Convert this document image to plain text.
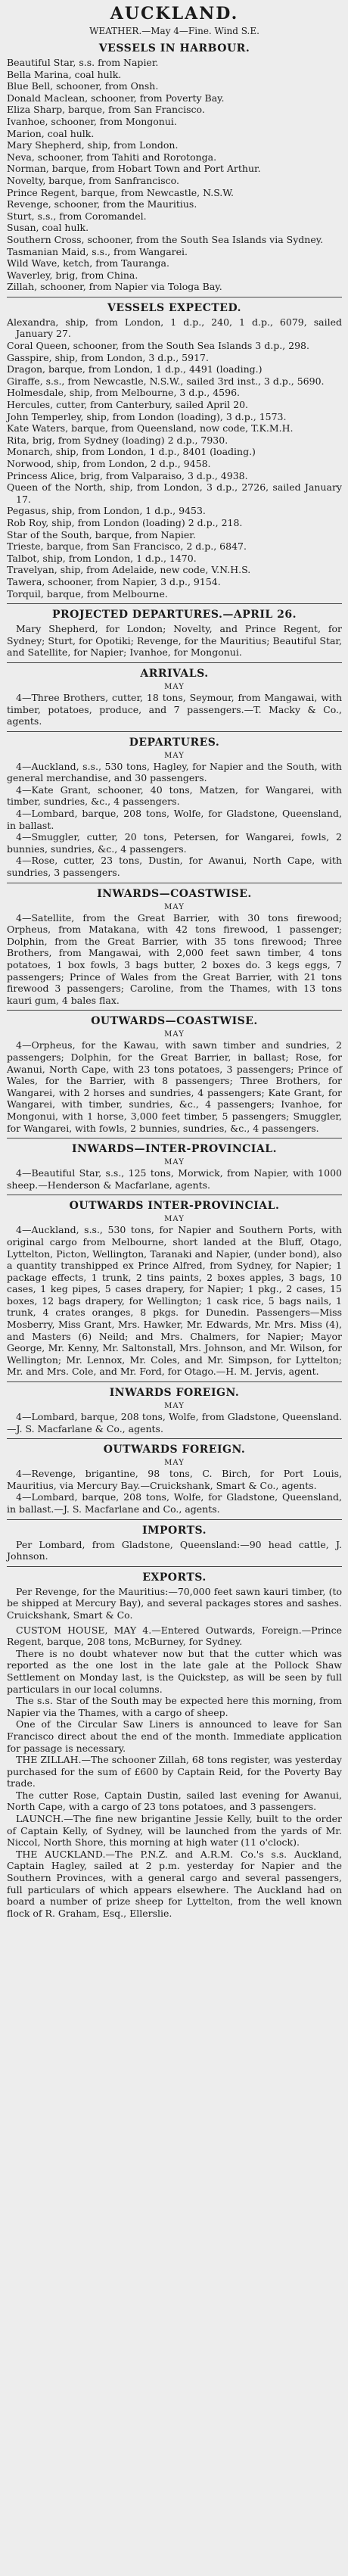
AUCKLAND.
WEATHER.—May 4—Fine. Wind S.E.
VESSELS IN HARBOUR.

Beautiful Star, s.s. from Napier.

Bella Marina, coal hulk.

Blue Bell, schooner, from Onsh.

Donald Maclean, schooner, from Poverty Bay.

Eliza Sharp, barque, from San Francisco.

Ivanhoe, schooner, from Mongonui.

Marion, coal hulk.

Mary Shepherd, ship, from London.

Neva, schooner, from Tahiti and Rorotonga.

Norman, barque, from Hobart Town and Port Arthur.

Novelty, barque, from Sanfrancisco.

Prince Regent, barque, from Newcastle, N.S.W.

Revenge, schooner, from the Mauritius.

Sturt, s.s., from Coromandel.

Susan, coal hulk.

Southern Cross, schooner, from the South Sea Islands via Sydney.

Tasmanian Maid, s.s., from Wangarei.

Wild Wave, ketch, from Tauranga.

Waverley, brig, from China.

Zillah, schooner, from Napier via Tologa Bay.

VESSELS EXPECTED.

Alexandra, ship, from London, 1 d.p., 240, 1 d.p., 6079, sailed January 27.

Coral Queen, schooner, from the South Sea Islands 3 d.p., 298.

Gasspire, ship, from London, 3 d.p., 5917.

Dragon, barque, from London, 1 d.p., 4491 (loading.)

Giraffe, s.s., from Newcastle, N.S.W., sailed 3rd inst., 3 d.p., 5690.

Holmesdale, ship, from Melbourne, 3 d.p., 4596.

Hercules, cutter, from Canterbury, sailed April 20.

John Temperley, ship, from London (loading), 3 d.p., 1573.

Kate Waters, barque, from Queensland, now code, T.K.M.H.

Rita, brig, from Sydney (loading) 2 d.p., 7930.

Monarch, ship, from London, 1 d.p., 8401 (loading.)

Norwood, ship, from London, 2 d.p., 9458.

Princess Alice, brig, from Valparaiso, 3 d.p., 4938.

Queen of the North, ship, from London, 3 d.p., 2726, sailed January 17.

Pegasus, ship, from London, 1 d.p., 9453.

Rob Roy, ship, from London (loading) 2 d.p., 218.

Star of the South, barque, from Napier.

Trieste, barque, from San Francisco, 2 d.p., 6847.

Talbot, ship, from London, 1 d.p., 1470.

Travelyan, ship, from Adelaide, new code, V.N.H.S.

Tawera, schooner, from Napier, 3 d.p., 9154.

Torquil, barque, from Melbourne.

PROJECTED DEPARTURES.—APRIL 26.

Mary Shepherd, for London; Novelty, and Prince Regent, for Sydney; Sturt, for Opotiki; Revenge, for the Mauritius; Beautiful Star, and Satellite, for Napier; Ivanhoe, for Mongonui.

ARRIVALS.
MAY

4—Three Brothers, cutter, 18 tons, Seymour, from Mangawai, with timber, potatoes, produce, and 7 passengers.—T. Macky & Co., agents.

DEPARTURES.
MAY

4—Auckland, s.s., 530 tons, Hagley, for Napier and the South, with general merchandise, and 30 passengers.

4—Kate Grant, schooner, 40 tons, Matzen, for Wangarei, with timber, sundries, &c., 4 passengers.

4—Lombard, barque, 208 tons, Wolfe, for Gladstone, Queensland, in ballast.

4—Smuggler, cutter, 20 tons, Petersen, for Wangarei, fowls, 2 bunnies, sundries, &c., 4 passengers.

4—Rose, cutter, 23 tons, Dustin, for Awanui, North Cape, with sundries, 3 passengers.

INWARDS—COASTWISE.
MAY

4—Satellite, from the Great Barrier, with 30 tons firewood; Orpheus, from Matakana, with 42 tons firewood, 1 passenger; Dolphin, from the Great Barrier, with 35 tons firewood; Three Brothers, from Mangawai, with 2,000 feet sawn timber, 4 tons potatoes, 1 box fowls, 3 bags butter, 2 boxes do. 3 kegs eggs, 7 passengers; Prince of Wales from the Great Barrier, with 21 tons firewood 3 passengers; Caroline, from the Thames, with 13 tons kauri gum, 4 bales flax.

OUTWARDS—COASTWISE.
MAY

4—Orpheus, for the Kawau, with sawn timber and sundries, 2 passengers; Dolphin, for the Great Barrier, in ballast; Rose, for Awanui, North Cape, with 23 tons potatoes, 3 passengers; Prince of Wales, for the Barrier, with 8 passengers; Three Brothers, for Wangarei, with 2 horses and sundries, 4 passengers; Kate Grant, for Wangarei, with timber, sundries, &c., 4 passengers; Ivanhoe, for Mongonui, with 1 horse, 3,000 feet timber, 5 passengers; Smuggler, for Wangarei, with fowls, 2 bunnies, sundries, &c., 4 passengers.

INWARDS—INTER-PROVINCIAL.
MAY

4—Beautiful Star, s.s., 125 tons, Morwick, from Napier, with 1000 sheep.—Henderson & Macfarlane, agents.

OUTWARDS INTER-PROVINCIAL.
MAY

4—Auckland, s.s., 530 tons, for Napier and Southern Ports, with original cargo from Melbourne, short landed at the Bluff, Otago, Lyttelton, Picton, Wellington, Taranaki and Napier, (under bond), also a quantity transhipped ex Prince Alfred, from Sydney, for Napier; 1 package effects, 1 trunk, 2 tins paints, 2 boxes apples, 3 bags, 10 cases, 1 keg pipes, 5 cases drapery, for Napier; 1 pkg., 2 cases, 15 boxes, 12 bags drapery, for Wellington; 1 cask rice, 5 bags nails, 1 trunk, 4 crates oranges, 8 pkgs. for Dunedin. Passengers—Miss Mosberry, Miss Grant, Mrs. Hawker, Mr. Edwards, Mr. Mrs. Miss (4), and Masters (6) Neild; and Mrs. Chalmers, for Napier; Mayor George, Mr. Kenny, Mr. Saltonstall, Mrs. Johnson, and Mr. Wilson, for Wellington; Mr. Lennox, Mr. Coles, and Mr. Simpson, for Lyttelton; Mr. and Mrs. Cole, and Mr. Ford, for Otago.—H. M. Jervis, agent.

INWARDS FOREIGN.
MAY

4—Lombard, barque, 208 tons, Wolfe, from Gladstone, Queensland.—J. S. Macfarlane & Co., agents.

OUTWARDS FOREIGN.
MAY

4—Revenge, brigantine, 98 tons, C. Birch, for Port Louis, Mauritius, via Mercury Bay.—Cruickshank, Smart & Co., agents.

4—Lombard, barque, 208 tons, Wolfe, for Gladstone, Queensland, in ballast.—J. S. Macfarlane and Co., agents.

IMPORTS.

Per Lombard, from Gladstone, Queensland:—90 head cattle, J. Johnson.

EXPORTS.

Per Revenge, for the Mauritius:—70,000 feet sawn kauri timber, (to be shipped at Mercury Bay), and several packages stores and sashes. Cruickshank, Smart & Co.

CUSTOM HOUSE, MAY 4.—Entered Outwards, Foreign.—Prince Regent, barque, 208 tons, McBurney, for Sydney.

There is no doubt whatever now but that the cutter which was reported as the one lost in the late gale at the Pollock Shaw Settlement on Monday last, is the Quickstep, as will be seen by full particulars in our local columns.

The s.s. Star of the South may be expected here this morning, from Napier via the Thames, with a cargo of sheep.

One of the Circular Saw Liners is announced to leave for San Francisco direct about the end of the month. Immediate application for passage is necessary.

THE ZILLAH.—The schooner Zillah, 68 tons register, was yesterday purchased for the sum of £600 by Captain Reid, for the Poverty Bay trade.

The cutter Rose, Captain Dustin, sailed last evening for Awanui, North Cape, with a cargo of 23 tons potatoes, and 3 passengers.

LAUNCH.—The fine new brigantine Jessie Kelly, built to the order of Captain Kelly, of Sydney, will be launched from the yards of Mr. Niccol, North Shore, this morning at high water (11 o'clock).

THE AUCKLAND.—The P.N.Z. and A.R.M. Co.'s s.s. Auckland, Captain Hagley, sailed at 2 p.m. yesterday for Napier and the Southern Provinces, with a general cargo and several passengers, full particulars of which appears elsewhere. The Auckland had on board a number of prize sheep for Lyttelton, from the well known flock of R. Graham, Esq., Ellerslie.
